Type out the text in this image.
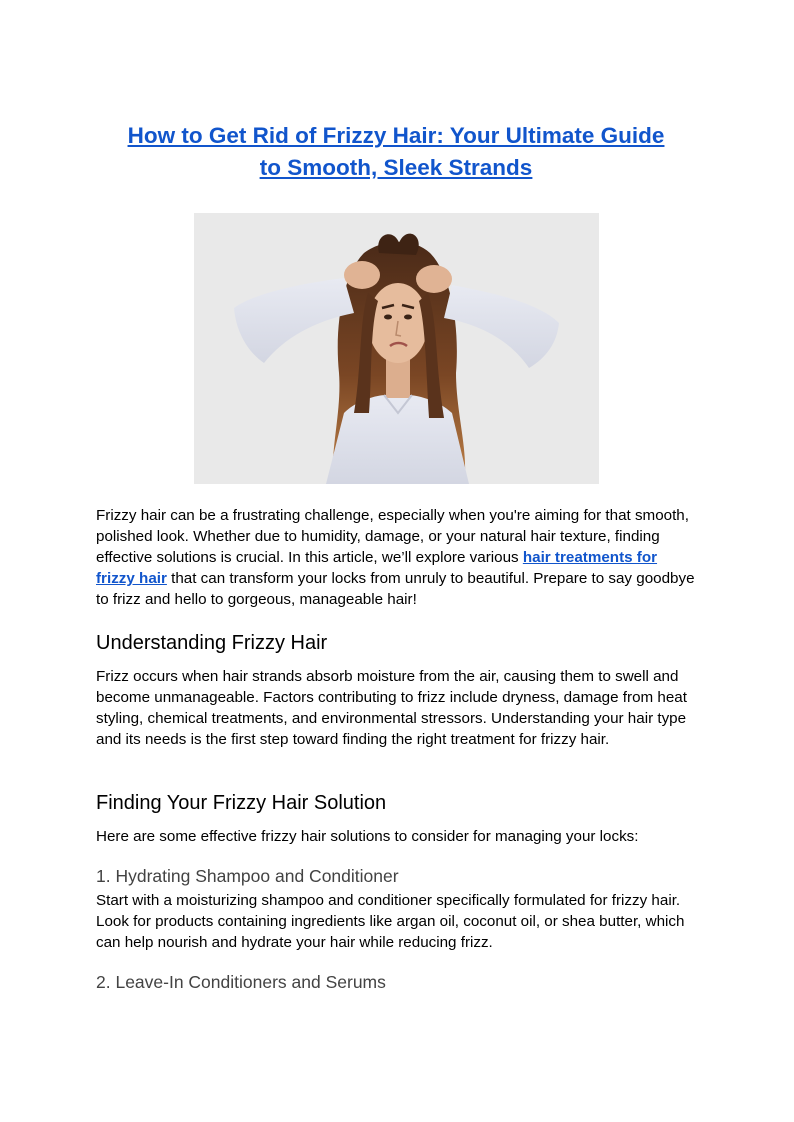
How to Get Rid of Frizzy Hair: Your Ultimate Guide
to Smooth, Sleek Strands

Frizzy hair can be a frustrating challenge, especially when you're aiming for that smooth, polished look. Whether due to humidity, damage, or your natural hair texture, finding effective solutions is crucial. In this article, we’ll explore various hair treatments for frizzy hair that can transform your locks from unruly to beautiful. Prepare to say goodbye to frizz and hello to gorgeous, manageable hair!

Understanding Frizzy Hair

Frizz occurs when hair strands absorb moisture from the air, causing them to swell and become unmanageable. Factors contributing to frizz include dryness, damage from heat styling, chemical treatments, and environmental stressors. Understanding your hair type and its needs is the first step toward finding the right treatment for frizzy hair.

Finding Your Frizzy Hair Solution

Here are some effective frizzy hair solutions to consider for managing your locks:

1. Hydrating Shampoo and Conditioner

Start with a moisturizing shampoo and conditioner specifically formulated for frizzy hair. Look for products containing ingredients like argan oil, coconut oil, or shea butter, which can help nourish and hydrate your hair while reducing frizz.

2. Leave-In Conditioners and Serums
